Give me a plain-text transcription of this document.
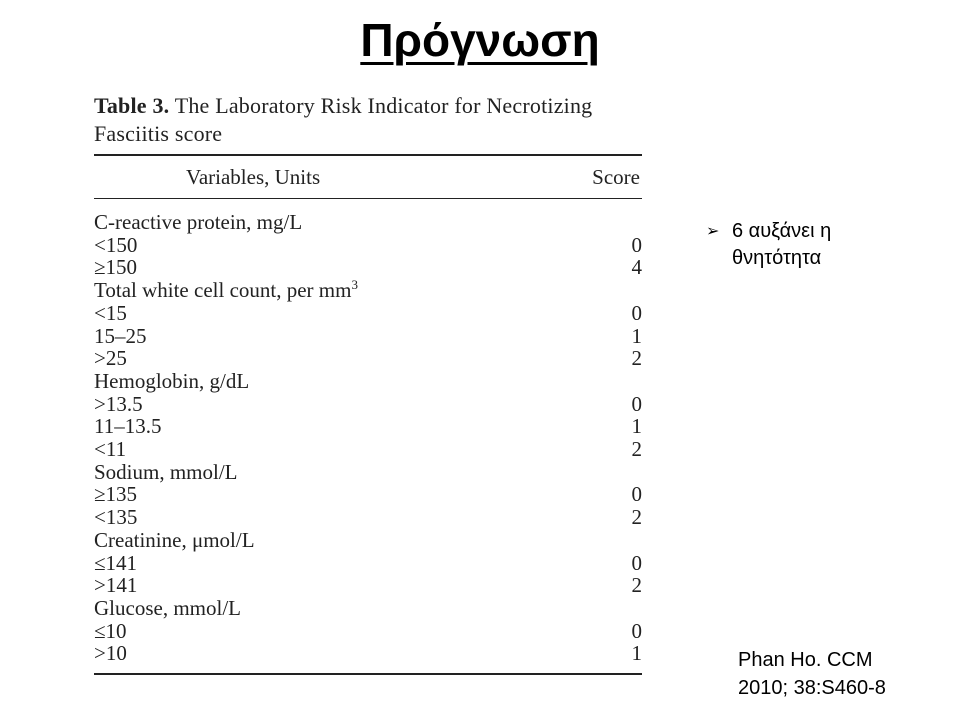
Πρόγνωση

Table 3. The Laboratory Risk Indicator for Necrotizing Fasciitis score

Variables, Units	Score
C-reactive protein, mg/L	
<150	0
≥150	4
Total white cell count, per $mm^3$	
<15	0
15–25	1
>25	2
Hemoglobin, g/dL	
>13.5	0
11–13.5	1
<11	2
Sodium, mmol/L	
≥135	0
<135	2
Creatinine, μmol/L	
≤141	0
>141	2
Glucose, mmol/L	
≤10	0
>10	1
➢ 6 αυξάνει η
θνητότητα
Phan Ho. CCM
2010; 38:S460-8
